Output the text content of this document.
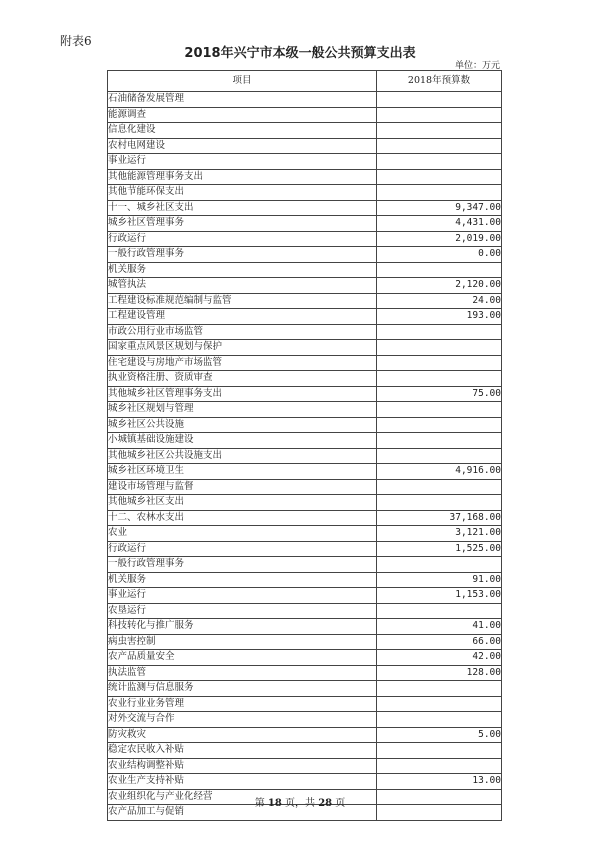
附表6
2018年兴宁市本级一般公共预算支出表
单位：万元
项目	2018年预算数
石油储备发展管理	
能源调查	
信息化建设	
农村电网建设	
事业运行	
其他能源管理事务支出	
其他节能环保支出	
十一、城乡社区支出	9,347.00
城乡社区管理事务	4,431.00
行政运行	2,019.00
一般行政管理事务	0.00
机关服务	
城管执法	2,120.00
工程建设标准规范编制与监管	24.00
工程建设管理	193.00
市政公用行业市场监管	
国家重点风景区规划与保护	
住宅建设与房地产市场监管	
执业资格注册、资质审查	
其他城乡社区管理事务支出	75.00
城乡社区规划与管理	
城乡社区公共设施	
小城镇基础设施建设	
其他城乡社区公共设施支出	
城乡社区环境卫生	4,916.00
建设市场管理与监督	
其他城乡社区支出	
十二、农林水支出	37,168.00
农业	3,121.00
行政运行	1,525.00
一般行政管理事务	
机关服务	91.00
事业运行	1,153.00
农垦运行	
科技转化与推广服务	41.00
病虫害控制	66.00
农产品质量安全	42.00
执法监管	128.00
统计监测与信息服务	
农业行业业务管理	
对外交流与合作	
防灾救灾	5.00
稳定农民收入补贴	
农业结构调整补贴	
农业生产支持补贴	13.00
农业组织化与产业化经营	
农产品加工与促销	
第 18 页，共 28 页
